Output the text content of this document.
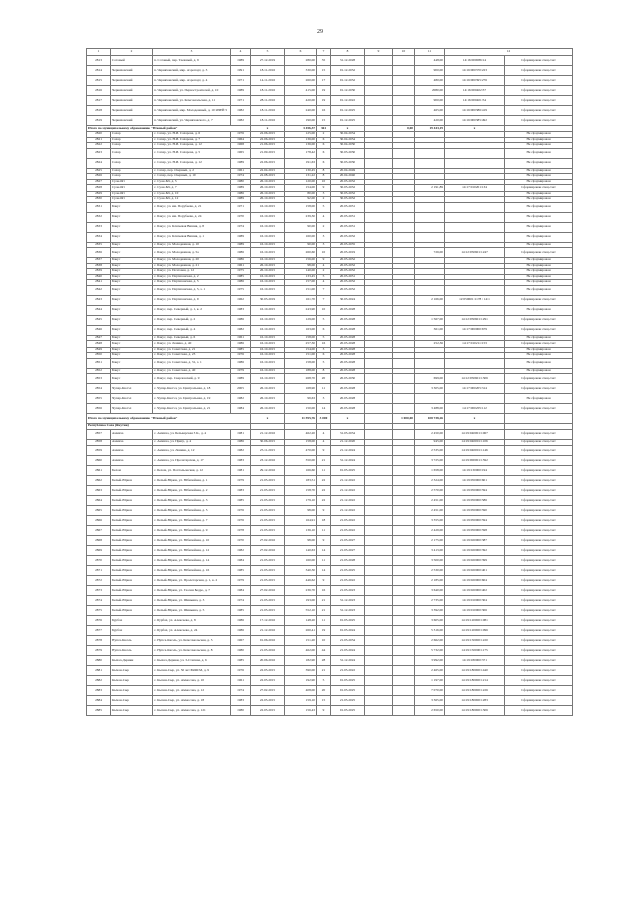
29
1	2	3	4	5	6	7	8	9	10	11	12	
2813	Сотовый	п. Сотовый, пер. Таежный, д. 9	1989	27.12.2019	280,00	35	31.12.2028			448,00	14:16:000086:14	Сформирован спец.счет
2814	Черняховский	п. Черняховский, мкр. Аэропорт, д. 3	1991	18.11.2016	330,00	15	01.12.2032			900,00	14:16:000370:223	Сформирован спец.счет
2815	Черняховский	п. Черняховский, мкр. Аэропорт, д. 4	1971	14.11.2016	260,00	17	01.12.2032			480,00	14:16:000395:276	Сформирован спец.счет
2816	Черняховский	п. Черняховский, ул. Первостроителей, д. 10	1989	18.11.2016	415,00	19	01.12.2030			2080,00	14:16:000402:37	Сформирован спец.счет
2817	Черняховский	п. Черняховский, ул. Комсомольская, д. 11	1971	28.11.2016	420,00	19	01.12.2022			900,00	14:16:000401:54	Сформирован спец.счет
2818	Черняховский	п. Черняховский, мкр. Молодежный, д. 10 ЯЧЕЙ 5	1982	18.11.2016	240,00	16	01.12.2025			465,00	14:16:000386:419	Сформирован спец.счет
2819	Черняховский	п. Черняховский, ул. Черняховского, д. 7	1982	18.11.2016	190,00	15	01.12.2025			420,00	14:16:000385:492	Сформирован спец.счет
Итого по муниципальному образованию "Южный район"				х	3 456,37	361	х		0,00	19 443,19	х	
2820	Сахар	с. Сахар, ул. Н.И. Сахарова, д. 6	1976	22.06.2015	125,00	2	30.04.2034					Не сформирован
2821	Сахар	с. Сахар, ул. Н.И. Сахарова, д. 7	1964	22.06.2015	136,00	6	30.04.2034					Не сформирован
2822	Сахар	с. Сахар, ул. Н.И. Сахарова, д. 12	1968	21.06.2015	136,00	6	30.04.2030					Не сформирован
2823	Сахар	с. Сахар, ул. Н.И. Сахарова, д. 5	1965	21.09.2015	178,42	6	30.03.2030					Не сформирован
2824	Сахар	с. Сахар, ул. Н.И. Сахарова, д. 12	1989	22.06.2015	191,63	6	30.03.2030					Не сформирован
2825	Сахар	с. Сахар, пер. Озерный, д. 2	1961	22.04.2015	130,45	8	20.04.2049					Не сформирован
2826	Сахар	с. Сахар, пер. Озерный, д. 10	1974	22.08.2015	131,22	8	20.04.2040					Не сформирован
2827	Суон-Ыт	с. Суон-Ыт, д. 5	1980	26.10.2015	120,00	10	20.05.2032					Не сформирован
2828	Суон-Ыт	с. Суон-Ыт, д. 7	1989	26.10.2015	154,00	9	30.05.2032			2 191,89	14:17:010201:134	Сформирован спец.счет
2829	Суон-Ыт	с. Суон-Ыт, д. 10	1986	26.10.2015	80,00	3	30.05.2032					Не сформирован
2830	Суон-Ыт	с. Суон-Ыт, д. 12	1989	26.10.2015	92,00	2	30.05.2032					Не сформирован
2831	Бакус	с. Бакус, ул. им. Порубеева, д. 21	1971	16.10.2015	158,00	5	20.05.2031					Не сформирован
2832	Бакус	с. Бакус, ул. им. Порубеева, д. 24	1970	16.10.2015	239,30	4	20.05.2031					Не сформирован
2833	Бакус	с. Бакус, ул. Ключевая Вишня, д. 8	1974	16.10.2015	90,00	2	20.05.2031					Не сформирован
2834	Бакус	с. Бакус, ул. Ключевая Вишня, д. 1	1989	16.10.2015	160,00	3	20.05.2032					Не сформирован
2835	Бакус	с. Бакус, ул. Молодежная, д. 10	1989	16.10.2015	90,00	3	20.05.2035					Не сформирован
2836	Бакус	с. Бакус, ул. Молодежная, д. 5а	1986	16.10.2015	260,60	10	20.05.2019			726,00	14:12:050601:1247	Сформирован спец.счет
2837	Бакус	с. Бакус, ул. Молодежная, д. 20	1986	16.10.2015	156,00	9	20.05.2032					Не сформирован
2838	Бакус	с. Бакус, ул. Молодежная, д. 21	1961	26.10.2015	98,00	4	20.05.2032					Не сформирован
2839	Бакус	с. Бакус, ул. Почтовая, д. 12	1975	26.10.2015	140,00	2	20.05.2032					Не сформирован
2840	Бакус	с. Бакус, ул. Партизанская, д. 2	1985	16.10.2015	133,45	5	20.05.2031					Не сформирован
2841	Бакус	с. Бакус, ул. Партизанская, д. 5	1986	16.10.2015	157,00	4	20.05.2032					Не сформирован
2842	Бакус	с. Бакус, ул. Партизанская, д. 5, з. 1	1975	16.10.2015	151,00	7	20.05.2032					Не сформирован
2843	Бакус	с. Бакус, ул. Партизанская, д. 9	1962	30.03.2019	161,70	7	30.03.2024			2 166,00	12:050601:1178 / 14:1	Сформирован спец.счет
2844	Бакус	с. Бакус, пер. Северный, д. 1, к. 2	1983	16.10.2015	243,90	10	20.05.2028					Не сформирован
2845	Бакус	с. Бакус, пер. Северный, д. 2	1986	16.10.2015	129,00	5	20.05.2028			1 567,00	14:12:050601:1291	Сформирован спец.счет
2846	Бакус	с. Бакус, пер. Северный, д. 4	1982	16.10.2015	163,00	6	20.05.2028			361,00	14:17:000000:679	Сформирован спец.счет
2847	Бакус	с. Бакус, пер. Северный, д. 6	1961	16.10.2015	158,00	5	20.05.2028					Не сформирован
2848	Бакус	с. Бакус, ул. Ленина, д. 40	1986	16.10.2015	257,30	16	20.05.2028			252,36	14:17:010211:153	Сформирован спец.счет
2849	Бакус	с. Бакус, ул. Советская, д. 21	1985	16.10.2015	154,00	3	20.05.2028					Не сформирован
2850	Бакус	с. Бакус, ул. Советская, д. 23	1976	16.10.2015	151,00	6	20.05.2028					Не сформирован
2851	Бакус	с. Бакус, ул. Советская, д. 31, з. 1	1986	16.10.2015	158,00	5	20.05.2028					Не сформирован
2852	Бакус	с. Бакус, ул. Советская, д. 40	1979	16.10.2015	188,00	8	20.05.2028					Не сформирован
2853	Бакус	с. Бакус, пер. Сверловский, д. 9	1989	16.10.2015	268,70	20	20.05.2030			699,00	14:12:050601:1306	Сформирован спец.счет
2854	Чупар-Кюгэл	с. Чупар-Кюгэл, ул. Центральная, д. 18	2005	26.10.2015	168,90	11	20.05.2028			3 305,00	14:17:000205:314	Сформирован спец.счет
2855	Чупар-Кюгэл	с. Чупар-Кюгэл, ул. Центральная, д. 19	1982	26.10.2015	99,63	3	20.05.2028					Не сформирован
2856	Чупар-Кюгэл	с. Чупар-Кюгэл, ул. Центральная, д. 21	1984	26.10.2015	150,00	14	20.05.2028			3 488,00	14:17:000205:112	Сформирован спец.счет
Итого по муниципальному образованию "Южный район"				х	11 595,76	3 000	х		1 000,00	108 738,26	х	
Республика Саха (Якутия)												
2857	Аммаха	с. Аммаха, ул. Бельварская 3 К., д. 4	1981	21.12.2016	462,20	4	31.05.2034			2 450,00	14:19:040001:1067	Сформирован спец.счет
2858	Аммаха	с. Аммаха, ул. Пригр, д. 4	1986	30.06.2015	158,00	4	21.12.2020			945,00	14:19:040001:1106	Сформирован спец.счет
2859	Аммаха	с. Аммаха, ул. Ленина, д. 12	1982	25.11.2015	470,00	9	21.12.2024			2 535,00	14:19:040001:1146	Сформирован спец.счет
2860	Аммаха	с. Аммаха, ул. Пролетарская, д. 17	1983	23.12.2016	350,00	21	31.12.2024			3 725,00	14:19:000001:1592	Сформирован спец.счет
2861	Белом	с. Белом, ул. Почтальонская, д. 12	1981	29.12.2016	166,60	11	01.05.2025			1 658,00	14:19:130000:194	Сформирован спец.счет
2862	Белый-Юрюн	с. Белый-Юрюн, ул. Юбилейная, д. 1	1979	21.05.2015	183,51	22	21.12.2022			2 324,00	14:19:050000:601	Сформирован спец.счет
2863	Белый-Юрюн	с. Белый-Юрюн, ул. Юбилейная, д. 2	1983	21.05.2015	158,70	22	21.12.2022			2 570,00	14:19:050000:594	Сформирован спец.счет
2864	Белый-Юрюн	с. Белый-Юрюн, ул. Юбилейная, д. 3	1985	21.05.2015	179,10	22	21.12.2022			2 451,00	14:19:050000:586	Сформирован спец.счет
2865	Белый-Юрюн	с. Белый-Юрюн, ул. Юбилейная, д. 5	1976	21.05.2015	98,00	9	21.12.2022			2 451,00	14:19:050000:590	Сформирован спец.счет
2866	Белый-Юрюн	с. Белый-Юрюн, ул. Юбилейная, д. 7	1976	21.05.2015	164,91	18	21.05.2022			3 355,00	14:19:050000:594	Сформирован спец.счет
2867	Белый-Юрюн	с. Белый-Юрюн, ул. Юбилейная, д. 9	1978	21.05.2015	136,10	11	21.05.2022			2 429,00	14:19:050000:598	Сформирован спец.счет
2868	Белый-Юрюн	с. Белый-Юрюн, ул. Юбилейная, д. 10	1970	27.02.2016	98,00	9	21.05.2027			2 175,00	14:19:020000:387	Сформирован спец.счет
2869	Белый-Юрюн	с. Белый-Юрюн, ул. Юбилейная, д. 12	1982	27.02.2016	140,63	14	21.05.2027			3 413,00	14:19:020000:392	Сформирован спец.счет
2870	Белый-Юрюн	с. Белый-Юрюн, ул. Юбилейная, д. 14	1984	21.05.2015	160,00	11	21.05.2028			3 500,00	14:19:020000:399	Сформирован спец.счет
2871	Белый-Юрюн	с. Белый-Юрюн, ул. Юбилейная, д. 16	1985	21.05.2015	340,30	14	21.05.2025			2 530,00	14:19:020000:401	Сформирован спец.счет
2872	Белый-Юрюн	с. Белый-Юрюн, ул. Пролетарская, д. 1, к. 2	1979	21.05.2015	446,62	9	21.05.2022			2 185,00	14:19:020000:604	Сформирован спец.счет
2873	Белый-Юрюн	с. Белый-Юрюн, ул. Гаолан Бедро, д. 7	1984	27.02.2016	236,70	16	21.05.2023			3 640,00	14:19:020000:402	Сформирован спец.счет
2874	Белый-Юрюн	с. Белый-Юрюн, ул. Шиньина, д. 3	1974	21.05.2015	193,00	21	31.12.2023			2 735,00	14:19:010000:304	Сформирован спец.счет
2875	Белый-Юрюн	с. Белый-Юрюн, ул. Шиньина, д. 5	1985	21.05.2015	552,10	21	31.12.2023			3 392,00	14:19:010000:306	Сформирован спец.счет
2876	Бурбах	с. Бурбах, ул. Алексеева, д. 8	1986	17.12.2016	148,20	11	01.05.2025			3 605,00	14:19:120000:1081	Сформирован спец.счет
2877	Бурбах	с. Бурбах, ул. Алексеева, д. 24	1986	21.12.2016	260,41	19	01.05.2024			5 316,00	14:19:120000:1096	Сформирован спец.счет
2878	Нупса-Кюэль	с. Нупса-Кюэль, ул. Комсомольская, д. 5	1967	01.06.2016	151,20	10	21.05.2034			2 662,00	14:19:150000:1220	Сформирован спец.счет
2879	Нупса-Кюэль	с. Нупса-Кюэль, ул. Комсомольская, д. 8	1980	21.05.2016	462,00	44	21.05.2024			5 732,00	14:19:150000:1175	Сформирован спец.счет
2880	Кыхал-Дерики	с. Кыхал-Дерики, ул. 3-Степная, д. 6	1985	20.06.2016	182,90	28	31.12.2024			3 992,00	14:19:180000:371	Сформирован спец.счет
2881	Кычан-Сыр	с. Кычан-Сыр, ул. 50 лет БЯЯСМ, д. 9	1976	22.05.2015	390,00	21	21.05.2022			2 465,00	14:19:180000:1440	Сформирован спец.счет
2882	Кычан-Сыр	с. Кычан-Сыр, ул. Аммосова, д. 10	1961	22.05.2015	192,90	5	01.05.2025			1 197,00	14:19:180000:1214	Сформирован спец.счет
2883	Кычан-Сыр	с. Кычан-Сыр, ул. Аммосова, д. 12	1974	27.02.2015	408,00	20	01.05.2025			7 070,00	14:19:180000:1226	Сформирован спец.счет
2884	Кычан-Сыр	с. Кычан-Сыр, ул. Аммосова, д. 18	1983	22.05.2015	159,10	15	21.05.2025			3 365,00	14:19:180000:1283	Сформирован спец.счет
2885	Кычан-Сыр	с. Кычан-Сыр, ул. Аммосова, д. 121	1980	22.05.2015	156,43	9	01.05.2025			2 650,00	14:19:180000:1306	Сформирован спец.счет
